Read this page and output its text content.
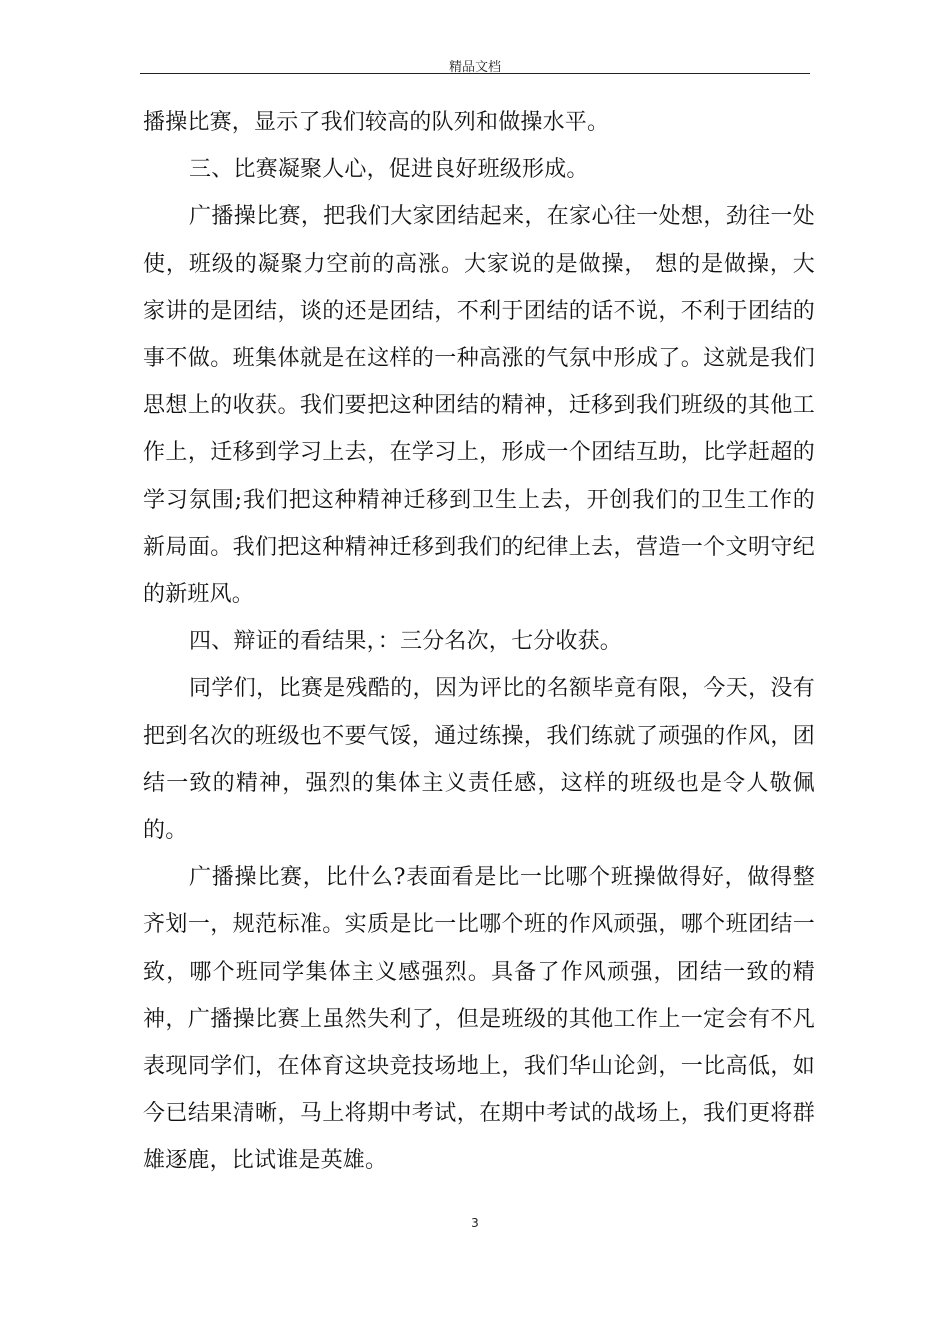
精品文档

播操比赛，显示了我们较高的队列和做操水平。

三、比赛凝聚人心，促进良好班级形成。

广播操比赛，把我们大家团结起来，在家心往一处想，劲往一处使，班级的凝聚力空前的高涨。大家说的是做操， 想的是做操，大家讲的是团结，谈的还是团结，不利于团结的话不说，不利于团结的事不做。班集体就是在这样的一种高涨的气氛中形成了。这就是我们思想上的收获。我们要把这种团结的精神，迁移到我们班级的其他工作上，迁移到学习上去，在学习上，形成一个团结互助，比学赶超的学习氛围;我们把这种精神迁移到卫生上去，开创我们的卫生工作的新局面。我们把这种精神迁移到我们的纪律上去，营造一个文明守纪的新班风。

四、辩证的看结果，：三分名次，七分收获。

同学们，比赛是残酷的，因为评比的名额毕竟有限，今天，没有把到名次的班级也不要气馁，通过练操，我们练就了顽强的作风，团结一致的精神，强烈的集体主义责任感，这样的班级也是令人敬佩的。

广播操比赛，比什么?表面看是比一比哪个班操做得好，做得整齐划一，规范标准。实质是比一比哪个班的作风顽强，哪个班团结一致，哪个班同学集体主义感强烈。具备了作风顽强，团结一致的精神，广播操比赛上虽然失利了，但是班级的其他工作上一定会有不凡表现同学们，在体育这块竞技场地上，我们华山论剑，一比高低，如今已结果清晰，马上将期中考试，在期中考试的战场上，我们更将群雄逐鹿，比试谁是英雄。

3
